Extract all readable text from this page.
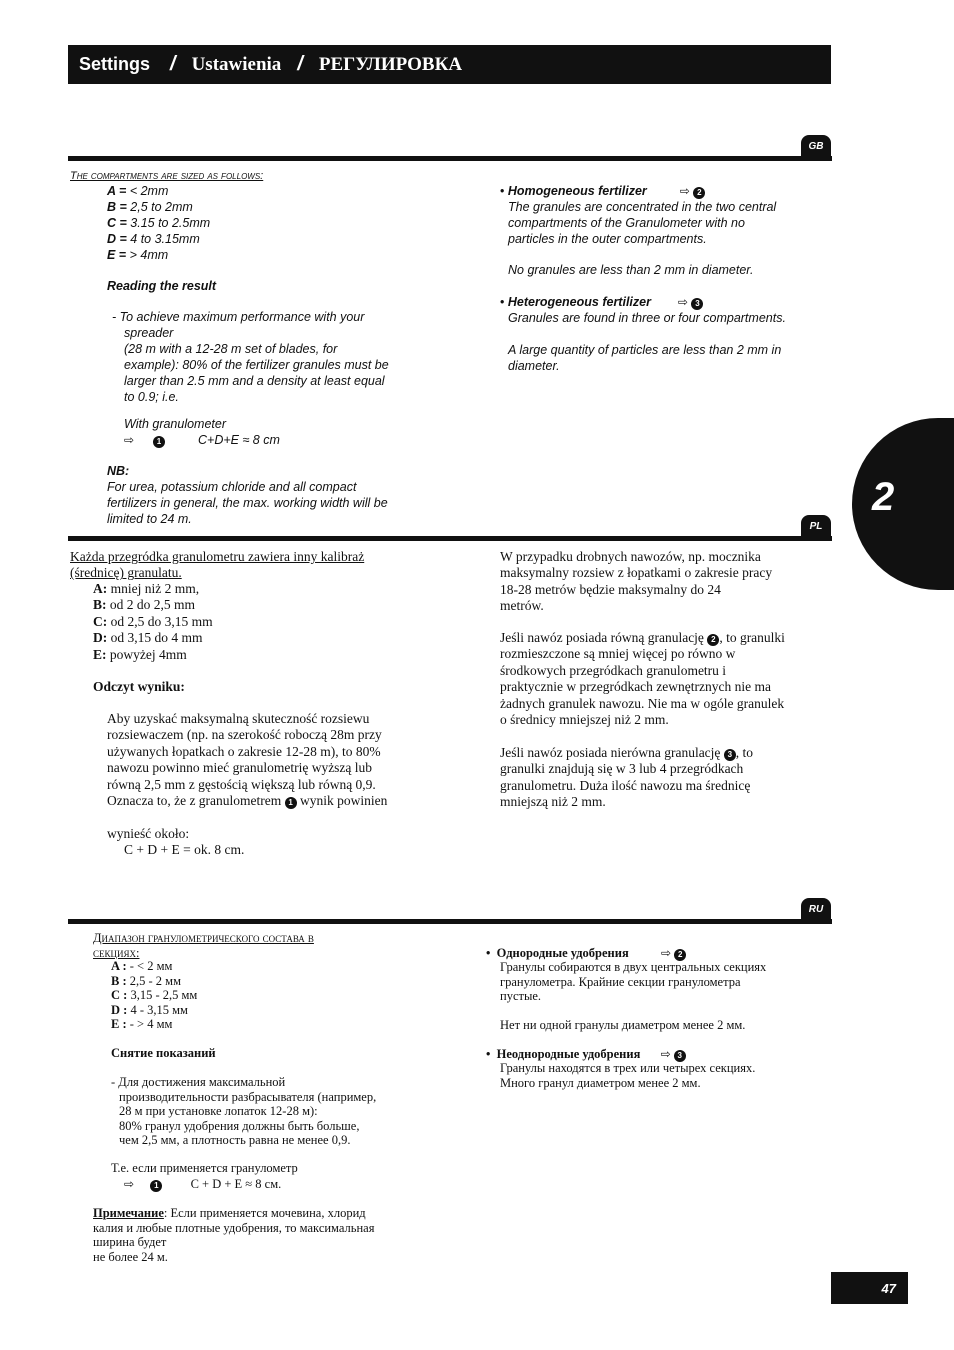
Settings / Ustawienia / РЕГУЛИРОВКА
2
GB
The compartments are sized as follows:
A = < 2mm
B = 2,5 to 2mm
C = 3.15 to 2.5mm
D = 4 to 3.15mm
E = > 4mm
Reading the result
- To achieve maximum performance with your
spreader
(28 m with a 12-28 m set of blades, for
example): 80% of the fertilizer granules must be
larger than 2.5 mm and a density at least equal
to 0.9; i.e.
With granulometer
⇨	1	C+D+E ≈ 8 cm
NB:
For urea, potassium chloride and all compact
fertilizers in general, the max. working width will be
limited to 24 m.
• Homogeneous fertilizer	⇨ 2
The granules are concentrated in the two central
compartments of the Granulometer with no
particles in the outer compartments.
No granules are less than 2 mm in diameter.
• Heterogeneous fertilizer ⇨ 3
Granules are found in three or four compartments.
A large quantity of particles are less than 2 mm in
diameter.
PL
Każda przegródka granulometru zawiera inny kalibraż
(średnicę) granulatu.
A: mniej niż 2 mm,
B: od 2 do 2,5 mm
C: od 2,5 do 3,15 mm
D: od 3,15 do 4 mm
E: powyżej 4mm
Odczyt wyniku:
Aby uzyskać maksymalną skuteczność rozsiewu
rozsiewaczem (np. na szerokość roboczą 28m przy
używanych łopatkach o zakresie 12-28 m), to 80%
nawozu powinno mieć granulometrię wyższą lub
równą 2,5 mm z gęstością większą lub równą 0,9.
Oznacza to, że z granulometrem 1 wynik powinien
wynieść około:
C + D + E = ok. 8 cm.
W przypadku drobnych nawozów, np. mocznika
maksymalny rozsiew z łopatkami o zakresie pracy
18-28 metrów będzie maksymalny do 24
metrów.
Jeśli nawóz posiada równą granulację 2 , to granulki
rozmieszczone są mniej więcej po równo w
środkowych przegródkach granulometru i
praktycznie w przegródkach zewnętrznych nie ma
żadnych granulek nawozu. Nie ma w ogóle granulek
o średnicy mniejszej niż 2 mm.
Jeśli nawóz posiada nierówna granulację 3 , to
granulki znajdują się w 3 lub 4 przegródkach
granulometru. Duża ilość nawozu ma średnicę
mniejszą niż 2 mm.
RU
Диапазон гранулометрического состава в
секциях:
A : - < 2 мм
B : 2,5 - 2 мм
C : 3,15 - 2,5 мм
D : 4 - 3,15 мм
E : - > 4 мм
Снятие показаний
- Для достижения максимальной
производительности разбрасывателя (например,
28 м при установке лопаток 12-28 м):
80% гранул удобрения должны быть больше,
чем 2,5 мм, а плотность равна не менее 0,9.
Т.е. если применяется гранулометр
⇨	1	C + D + E ≈ 8 см.
Примечание: Если применяется мочевина, хлорид
калия и любые плотные удобрения, то максимальная
ширина будет
не более 24 м.
•  Однородные удобрения	⇨ 2
Гранулы собираются в двух центральных секциях
гранулометра. Крайние секции гранулометра
пустые.
Нет ни одной гранулы диаметром менее 2 мм.
•  Неоднородные удобрения ⇨ 3
Гранулы находятся в трех или четырех секциях.
Много гранул диаметром менее 2 мм.
47
